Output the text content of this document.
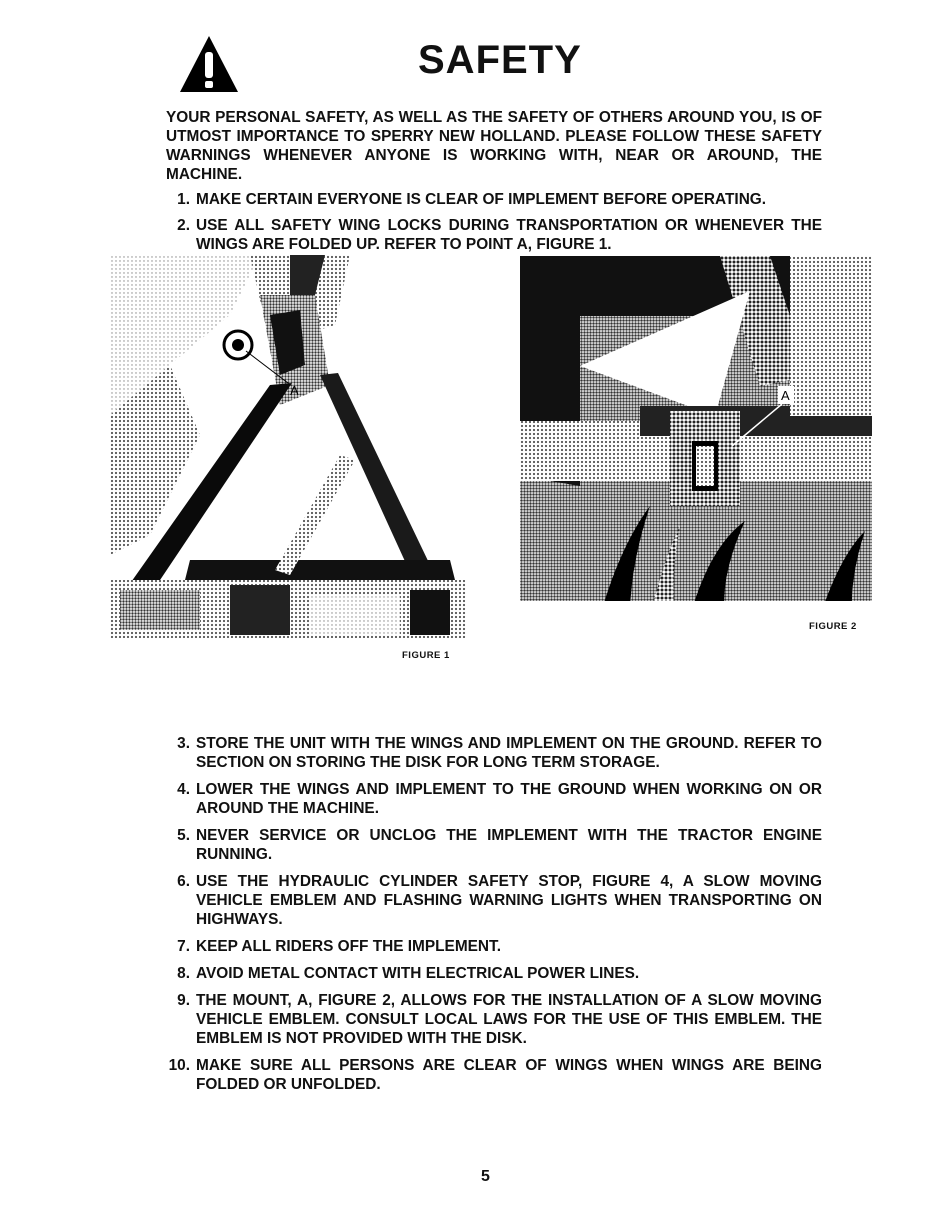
SAFETY

YOUR PERSONAL SAFETY, AS WELL AS THE SAFETY OF OTHERS AROUND YOU, IS OF UTMOST IMPORTANCE TO SPERRY NEW HOLLAND. PLEASE FOLLOW THESE SAFETY WARNINGS WHENEVER ANYONE IS WORKING WITH, NEAR OR AROUND, THE MACHINE.

1. MAKE CERTAIN EVERYONE IS CLEAR OF IMPLEMENT BEFORE OPERATING.
2. USE ALL SAFETY WING LOCKS DURING TRANSPORTATION OR WHENEVER THE WINGS ARE FOLDED UP. REFER TO POINT A, FIGURE 1.
A	A
FIGURE 1
FIGURE 2
3. STORE THE UNIT WITH THE WINGS AND IMPLEMENT ON THE GROUND. REFER TO SECTION ON STORING THE DISK FOR LONG TERM STORAGE.
4. LOWER THE WINGS AND IMPLEMENT TO THE GROUND WHEN WORKING ON OR AROUND THE MACHINE.
5. NEVER SERVICE OR UNCLOG THE IMPLEMENT WITH THE TRACTOR ENGINE RUNNING.
6. USE THE HYDRAULIC CYLINDER SAFETY STOP, FIGURE 4, A SLOW MOVING VEHICLE EMBLEM AND FLASHING WARNING LIGHTS WHEN TRANSPORTING ON HIGHWAYS.
7. KEEP ALL RIDERS OFF THE IMPLEMENT.
8. AVOID METAL CONTACT WITH ELECTRICAL POWER LINES.
9. THE MOUNT, A, FIGURE 2, ALLOWS FOR THE INSTALLATION OF A SLOW MOVING VEHICLE EMBLEM. CONSULT LOCAL LAWS FOR THE USE OF THIS EMBLEM. THE EMBLEM IS NOT PROVIDED WITH THE DISK.
10. MAKE SURE ALL PERSONS ARE CLEAR OF WINGS WHEN WINGS ARE BEING FOLDED OR UNFOLDED.
5
